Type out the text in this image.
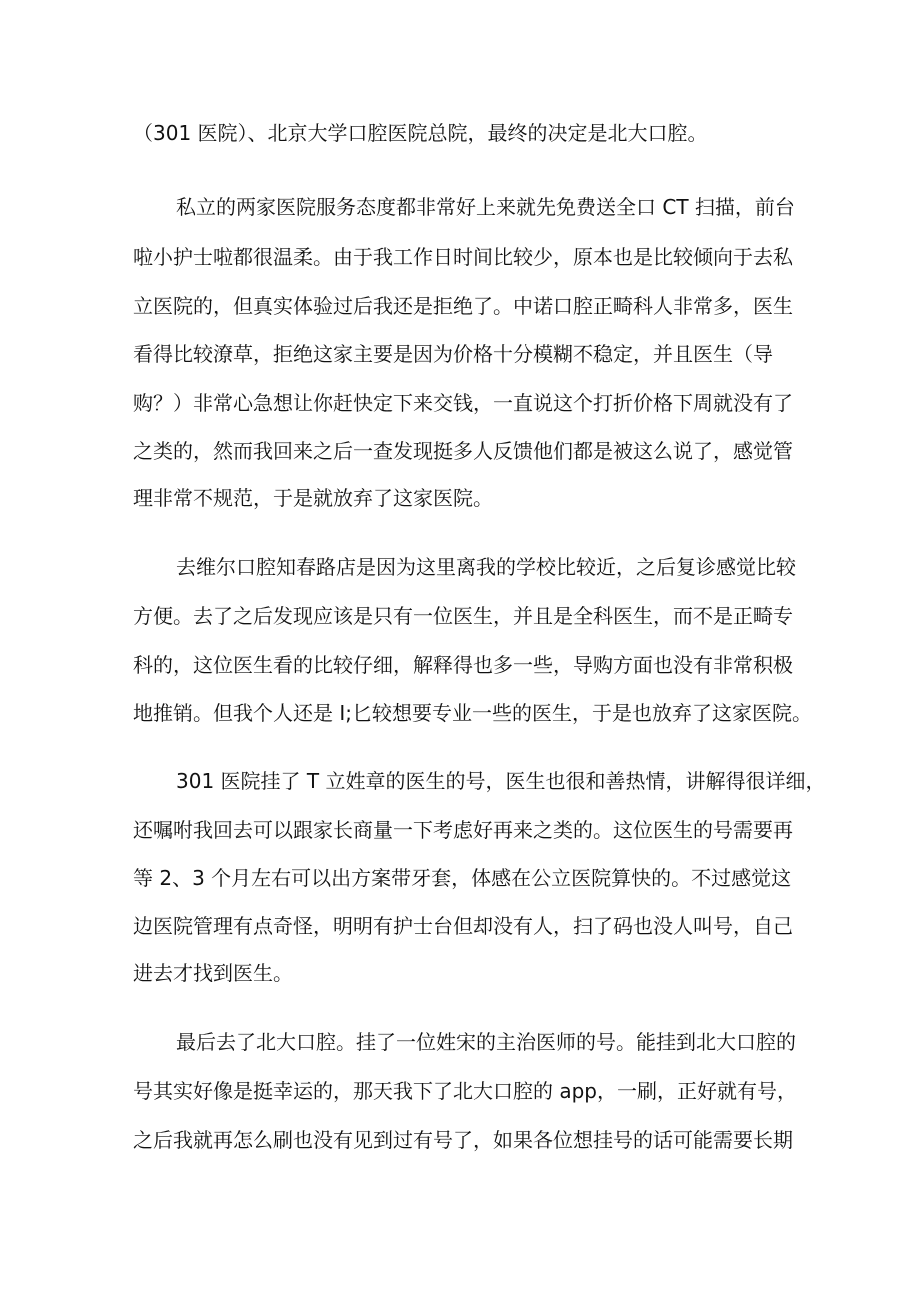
（301 医院）、北京大学口腔医院总院，最终的决定是北大口腔。

私立的两家医院服务态度都非常好上来就先免费送全口 CT 扫描，前台

啦小护士啦都很温柔。由于我工作日时间比较少，原本也是比较倾向于去私

立医院的，但真实体验过后我还是拒绝了。中诺口腔正畸科人非常多，医生

看得比较潦草，拒绝这家主要是因为价格十分模糊不稳定，并且医生（导

购？）非常心急想让你赶快定下来交钱，一直说这个打折价格下周就没有了

之类的，然而我回来之后一查发现挺多人反馈他们都是被这么说了，感觉管

理非常不规范，于是就放弃了这家医院。

去维尔口腔知春路店是因为这里离我的学校比较近，之后复诊感觉比较

方便。去了之后发现应该是只有一位医生，并且是全科医生，而不是正畸专

科的，这位医生看的比较仔细，解释得也多一些，导购方面也没有非常积极

地推销。但我个人还是 I;匕较想要专业一些的医生，于是也放弃了这家医院。

301 医院挂了 T 立姓章的医生的号，医生也很和善热情，讲解得很详细，

还嘱咐我回去可以跟家长商量一下考虑好再来之类的。这位医生的号需要再

等 2、3 个月左右可以出方案带牙套，体感在公立医院算快的。不过感觉这

边医院管理有点奇怪，明明有护士台但却没有人，扫了码也没人叫号，自己

进去才找到医生。

最后去了北大口腔。挂了一位姓宋的主治医师的号。能挂到北大口腔的

号其实好像是挺幸运的，那天我下了北大口腔的 app，一刷，正好就有号，

之后我就再怎么刷也没有见到过有号了，如果各位想挂号的话可能需要长期
